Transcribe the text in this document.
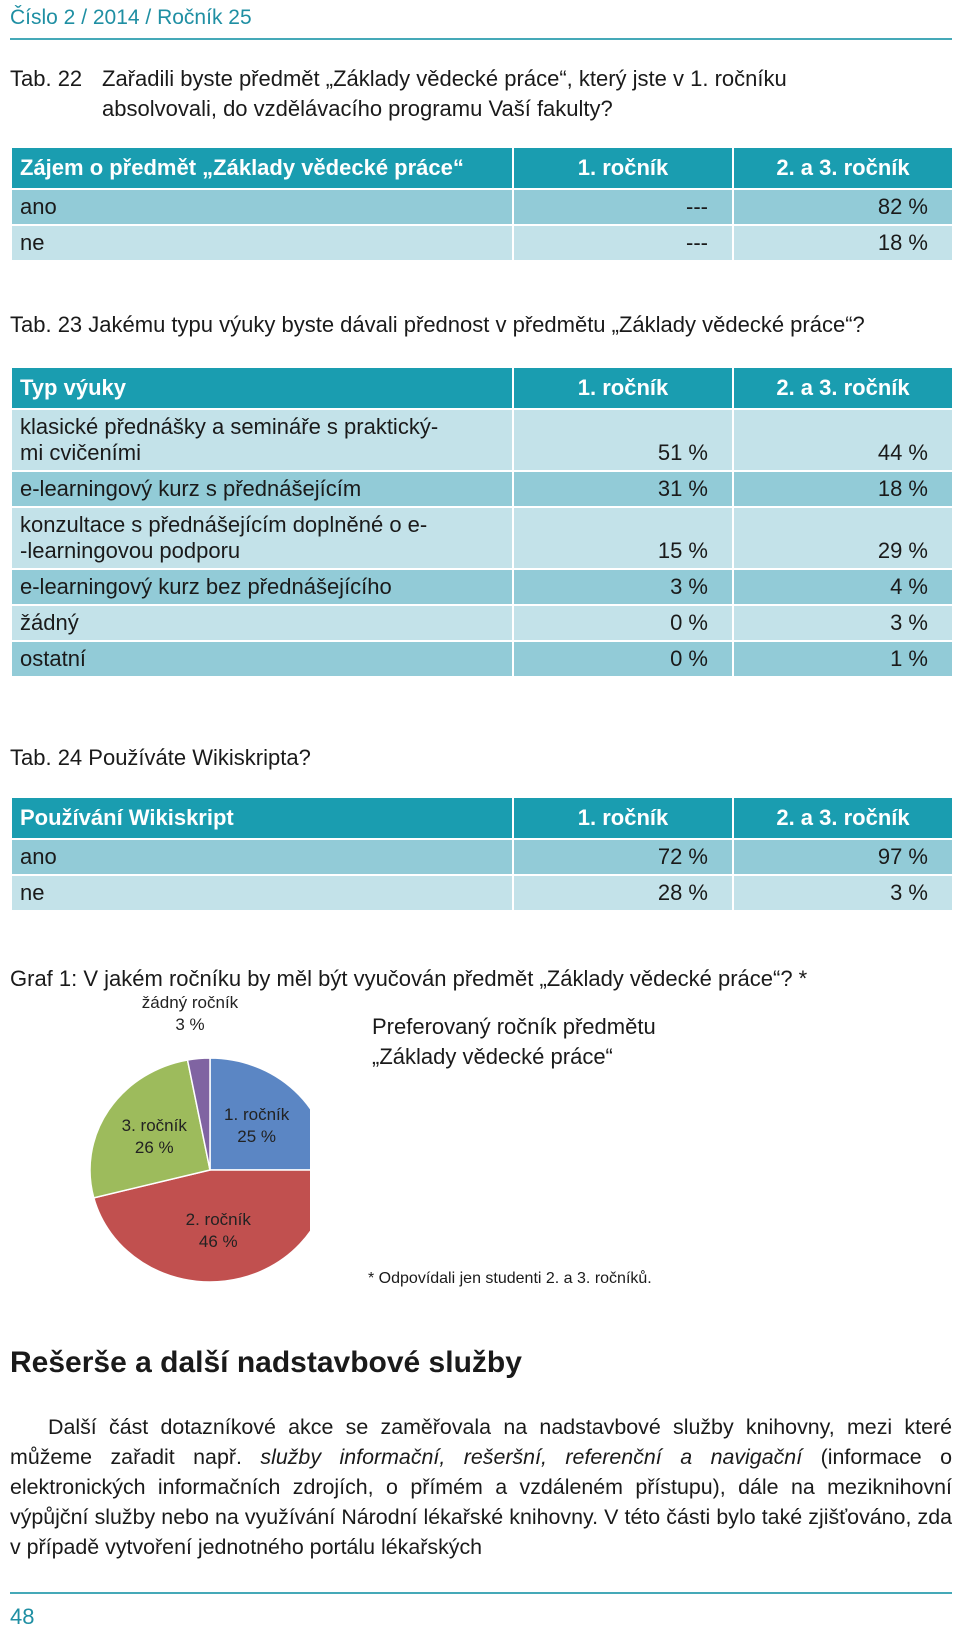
Číslo 2 / 2014 / Ročník 25
Tab. 22 Zařadili byste předmět „Základy vědecké práce“, který jste v 1. ročníku
absolvovali, do vzdělávacího programu Vaší fakulty?
Zájem o předmět „Základy vědecké práce“	1. ročník	2. a 3. ročník
ano	---	82 %
ne	---	18 %
Tab. 23 Jakému typu výuky byste dávali přednost v předmětu „Základy vědecké práce“?
Typ výuky	1. ročník	2. a 3. ročník

klasické přednášky a semináře s praktický-
mi cvičeními	51 %	44 %
e-learningový kurz s přednášejícím	31 %	18 %

konzultace s přednášejícím doplněné o e-
-learningovou podporu	15 %	29 %
e-learningový kurz bez přednášejícího	3 %	4 %
žádný	0 %	3 %
ostatní	0 %	1 %
Tab. 24 Používáte Wikiskripta?
Používání Wikiskript	1. ročník	2. a 3. ročník
ano	72 %	97 %
ne	28 %	3 %
Graf 1: V jakém ročníku by měl být vyučován předmět „Základy vědecké práce“? *
1. ročník
25 %
2. ročník
46 %
3. ročník
26 %
žádný ročník
3 %	Preferovaný ročník předmětu
„Základy vědecké práce“
* Odpovídali jen studenti 2. a 3. ročníků.
Rešerše a další nadstavbové služby

Další část dotazníkové akce se zaměřovala na nadstavbové služby knihovny, mezi které můžeme zařadit např. služby informační, rešeršní, referenční a navigační (informace o elektronických informačních zdrojích, o přímém a vzdáleném přístupu), dále na meziknihovní výpůjční služby nebo na využívání Národní lékařské knihovny. V této části bylo také zjišťováno, zda v případě vytvoření jednotného portálu lékařských

48
